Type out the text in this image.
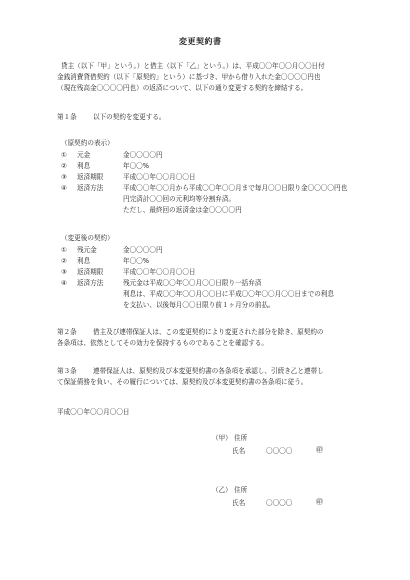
変更契約書
貸主（以下「甲」という。）と借主（以下「乙」という。）は、平成〇〇年〇〇月〇〇日付
金銭消費貸借契約（以下「原契約」という）に基づき、甲から借り入れた金〇〇〇〇円也
（現在残高金〇〇〇〇円也）の返済について、以下の通り変更する契約を締結する。
第１条 以下の契約を変更する。
（原契約の表示）
① 元金	金〇〇〇〇円
② 利息	年〇〇%
③ 返済期限	平成〇〇年〇〇月〇〇日
④ 返済方法	平成〇〇年〇〇月から平成〇〇年〇〇月まで毎月〇〇日限り金〇〇〇〇円也
円完済計〇〇回の元利均等分割弁済。
ただし、最終回の返済金は金〇〇〇〇円
（変更後の契約）
① 残元金	金〇〇〇〇円
② 利息	年〇〇%
③ 返済期限	平成〇〇年〇〇月〇〇日
④ 返済方法	残元金は平成〇〇年〇〇月〇〇日限り一括弁済
利息は、平成〇〇年〇〇月〇〇日に平成〇〇年〇〇月〇〇日までの利息
を支払い、以後毎月〇〇日限り前１ヶ月分の前払。
第２条 借主及び連帯保証人は、この変更契約により変更された部分を除き、原契約の
各条項は、依然としてその効力を保持するものであることを確認する。
第３条 連帯保証人は、原契約及び本変更契約書の各条項を承認し、引続き乙と連帯し
て保証債務を負い、その履行については、原契約及び本変更契約書の各条項に従う。
平成〇〇年〇〇月〇〇日
（甲） 住所
氏名	〇〇〇〇	㊞
（乙） 住所
氏名	〇〇〇〇	㊞
